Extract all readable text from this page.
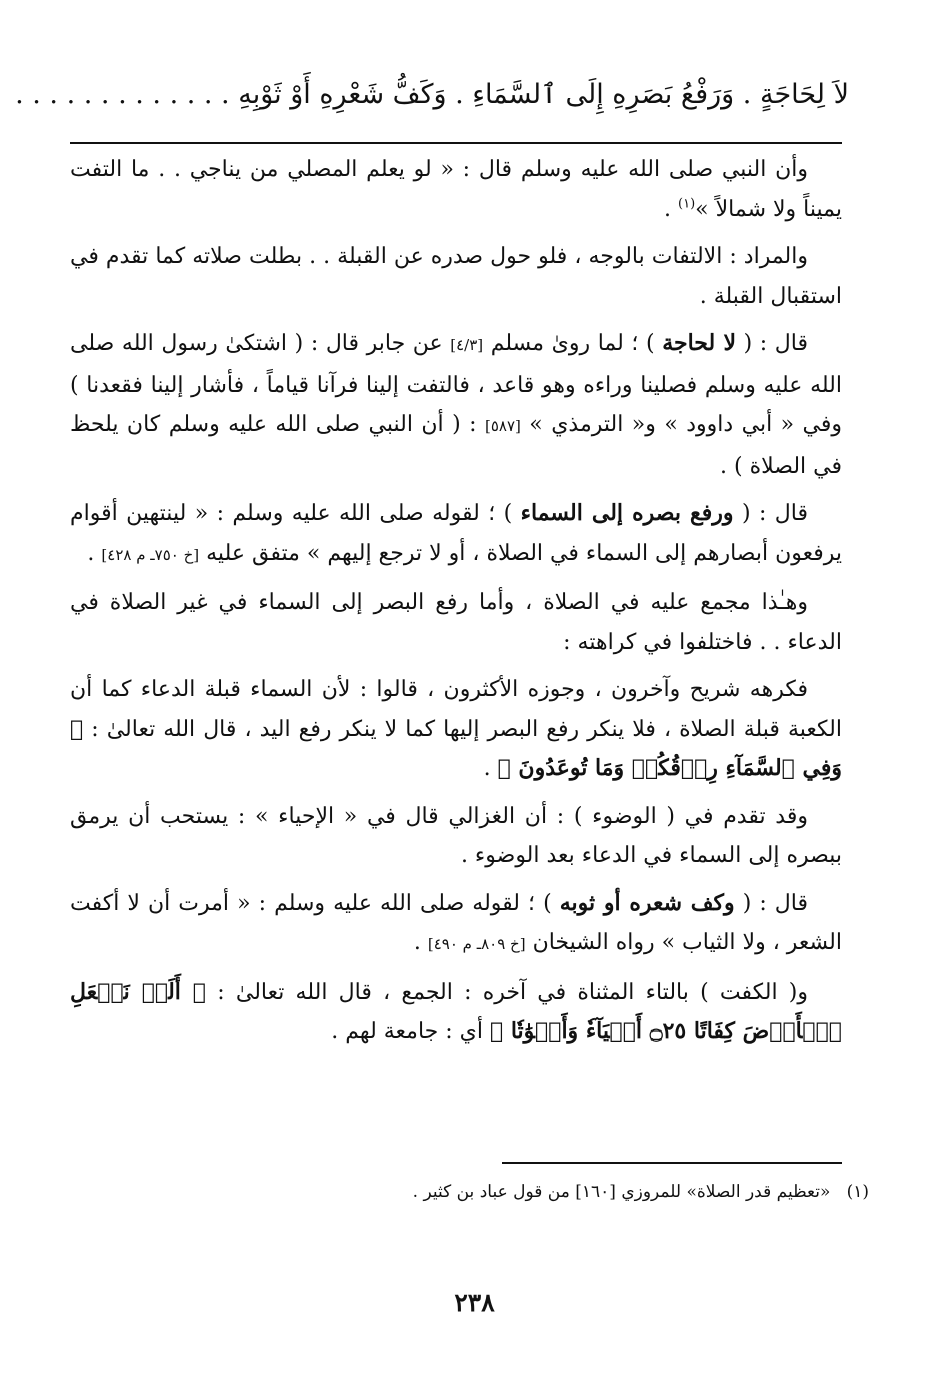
لاَ لِحَاجَةٍ . وَرَفْعُ بَصَرِهِ إِلَى ٱلسَّمَاءِ . وَكَفُّ شَعْرِهِ أَوْ ثَوْبِهِ . . . . . . . . . . . . .

وأن النبي صلى الله عليه وسلم قال : « لو يعلم المصلي من يناجي . . ما التفت يميناً ولا شمالاً »$^{(١)}$ .

والمراد : الالتفات بالوجه ، فلو حول صدره عن القبلة . . بطلت صلاته كما تقدم في استقبال القبلة .

قال : ( لا لحاجة ) ؛ لما روىٰ مسلم [٤/٣] عن جابر قال : ( اشتكىٰ رسول الله صلى الله عليه وسلم فصلينا وراءه وهو قاعد ، فالتفت إلينا فرآنا قياماً ، فأشار إلينا فقعدنا ) وفي « أبي داوود » و« الترمذي » [٥٨٧] : ( أن النبي صلى الله عليه وسلم كان يلحظ في الصلاة ) .

قال : ( ورفع بصره إلى السماء ) ؛ لقوله صلى الله عليه وسلم : « لينتهين أقوام يرفعون أبصارهم إلى السماء في الصلاة ، أو لا ترجع إليهم » متفق عليه [خ ٧٥٠ـ م ٤٢٨] .

وهـٰذا مجمع عليه في الصلاة ، وأما رفع البصر إلى السماء في غير الصلاة في الدعاء . . فاختلفوا في كراهته :

فكرهه شريح وآخرون ، وجوزه الأكثرون ، قالوا : لأن السماء قبلة الدعاء كما أن الكعبة قبلة الصلاة ، فلا ينكر رفع البصر إليها كما لا ينكر رفع اليد ، قال الله تعالىٰ : ﴿ وَفِي ٱلسَّمَآءِ رِزۡقُكُمۡ وَمَا تُوعَدُونَ ﴾ .

وقد تقدم في ( الوضوء ) : أن الغزالي قال في « الإحياء » : يستحب أن يرمق ببصره إلى السماء في الدعاء بعد الوضوء .

قال : ( وكف شعره أو ثوبه ) ؛ لقوله صلى الله عليه وسلم : « أمرت أن لا أكفت الشعر ، ولا الثياب » رواه الشيخان [خ ٨٠٩ـ م ٤٩٠] .

و( الكفت ) بالتاء المثناة في آخره : الجمع ، قال الله تعالىٰ : ﴿ أَلَمۡ نَجۡعَلِ ٱلۡأَرۡضَ كِفَاتًا ۝٢٥ أَحۡيَآءٗ وَأَمۡوَٰتٗا ﴾ أي : جامعة لهم .

(١)   «تعظيم قدر الصلاة» للمروزي [١٦٠] من قول عباد بن كثير .
٢٣٨
